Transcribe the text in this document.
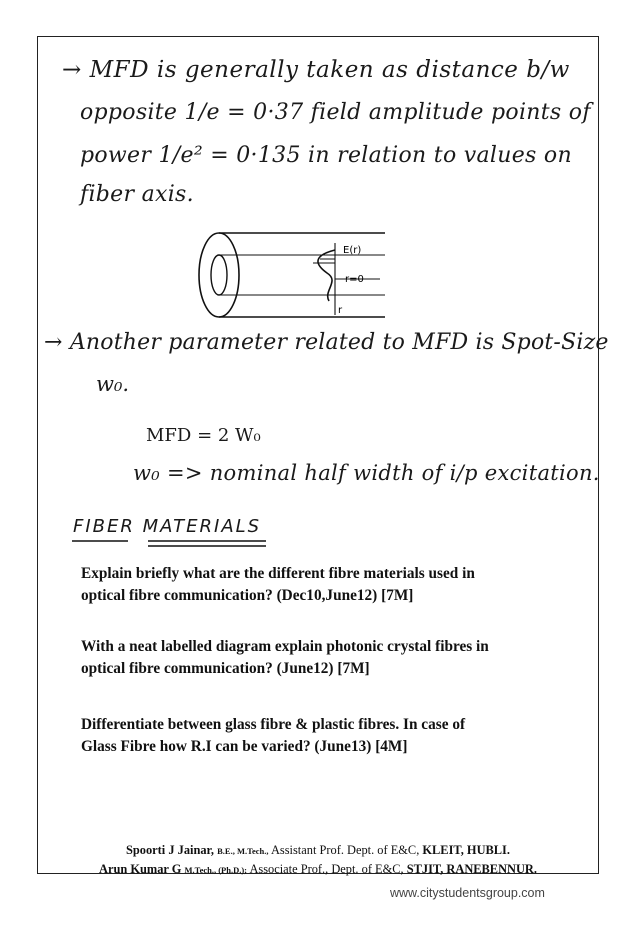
→ MFD is generally taken as distance b/w
opposite 1/e = 0·37 field amplitude points of
power 1/e² = 0·135 in relation to values on
fiber axis.
E(r)
r=0
r
→ Another parameter related to MFD is Spot-Size
w₀.
MFD = 2 W₀
w₀ => nominal half width of i/p excitation.
FIBER MATERIALS
Explain briefly what are the different fibre materials used in optical fibre communication? (Dec10,June12) [7M]
With a neat labelled diagram explain photonic crystal fibres in optical fibre communication? (June12) [7M]
Differentiate between glass fibre & plastic fibres. In case of Glass Fibre how R.I can be varied? (June13) [4M]
Spoorti J Jainar, B.E., M.Tech., Assistant Prof. Dept. of E&C, KLEIT, HUBLI.
Arun Kumar G M.Tech., (Ph.D.); Associate Prof., Dept. of E&C, STJIT, RANEBENNUR.
www.citystudentsgroup.com
